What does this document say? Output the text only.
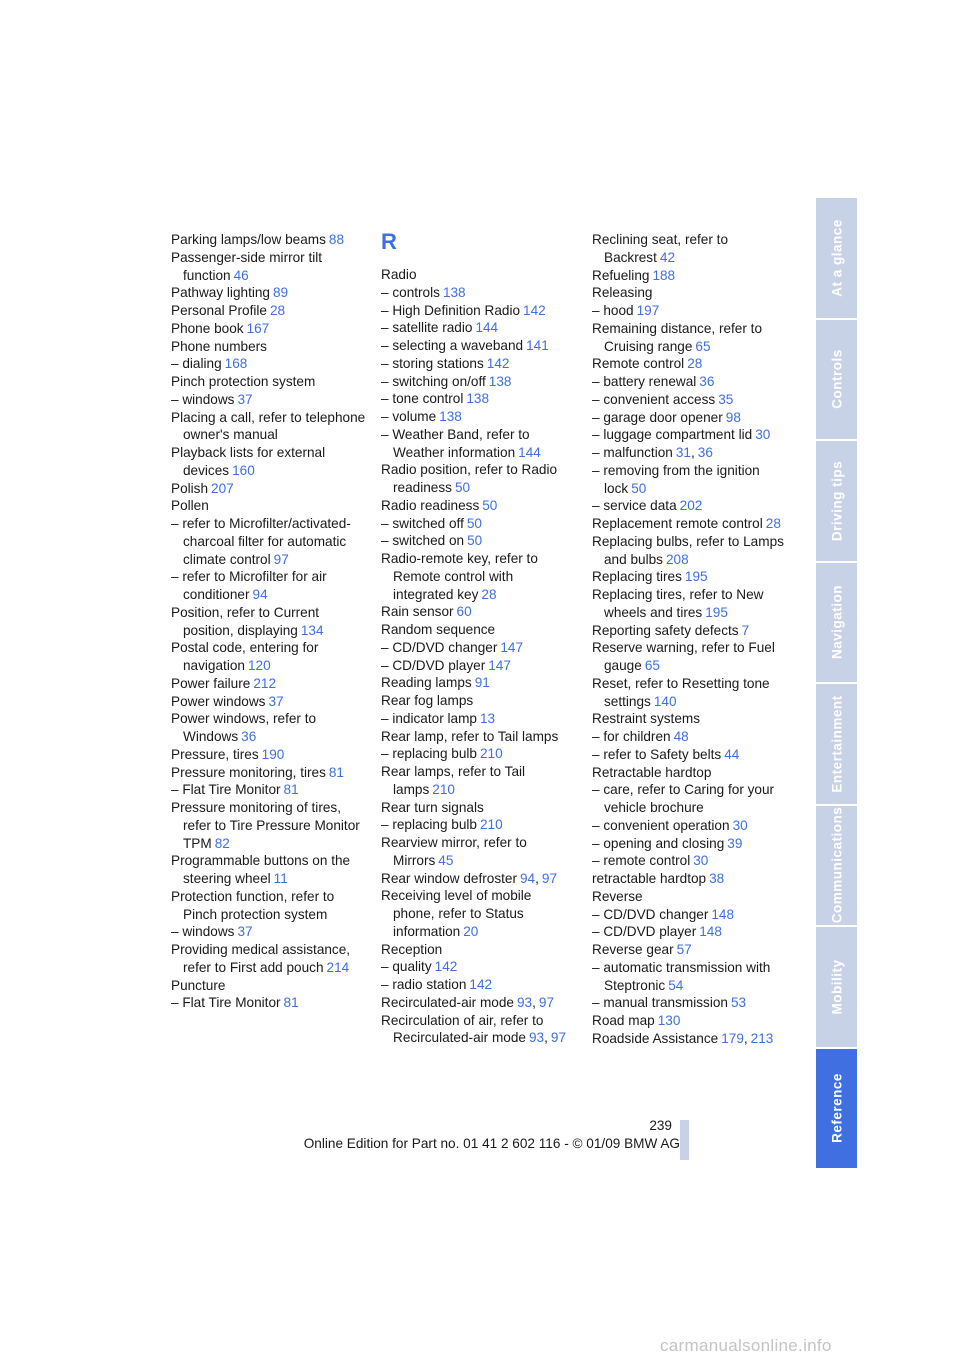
Parking lamps/low beams 88
Passenger-side mirror tilt function 46
Pathway lighting 89
Personal Profile 28
Phone book 167
Phone numbers
– dialing 168
Pinch protection system
– windows 37
Placing a call, refer to telephone owner's manual
Playback lists for external devices 160
Polish 207
Pollen
– refer to Microfilter/activated-charcoal filter for automatic climate control 97
– refer to Microfilter for air conditioner 94
Position, refer to Current position, displaying 134
Postal code, entering for navigation 120
Power failure 212
Power windows 37
Power windows, refer to Windows 36
Pressure, tires 190
Pressure monitoring, tires 81
– Flat Tire Monitor 81
Pressure monitoring of tires, refer to Tire Pressure Monitor TPM 82
Programmable buttons on the steering wheel 11
Protection function, refer to Pinch protection system
– windows 37
Providing medical assistance, refer to First add pouch 214
Puncture
– Flat Tire Monitor 81
R
Radio
– controls 138
– High Definition Radio 142
– satellite radio 144
– selecting a waveband 141
– storing stations 142
– switching on/off 138
– tone control 138
– volume 138
– Weather Band, refer to Weather information 144
Radio position, refer to Radio readiness 50
Radio readiness 50
– switched off 50
– switched on 50
Radio-remote key, refer to Remote control with integrated key 28
Rain sensor 60
Random sequence
– CD/DVD changer 147
– CD/DVD player 147
Reading lamps 91
Rear fog lamps
– indicator lamp 13
Rear lamp, refer to Tail lamps
– replacing bulb 210
Rear lamps, refer to Tail lamps 210
Rear turn signals
– replacing bulb 210
Rearview mirror, refer to Mirrors 45
Rear window defroster 94, 97
Receiving level of mobile phone, refer to Status information 20
Reception
– quality 142
– radio station 142
Recirculated-air mode 93, 97
Recirculation of air, refer to Recirculated-air mode 93, 97
Reclining seat, refer to Backrest 42
Refueling 188
Releasing
– hood 197
Remaining distance, refer to Cruising range 65
Remote control 28
– battery renewal 36
– convenient access 35
– garage door opener 98
– luggage compartment lid 30
– malfunction 31, 36
– removing from the ignition lock 50
– service data 202
Replacement remote control 28
Replacing bulbs, refer to Lamps and bulbs 208
Replacing tires 195
Replacing tires, refer to New wheels and tires 195
Reporting safety defects 7
Reserve warning, refer to Fuel gauge 65
Reset, refer to Resetting tone settings 140
Restraint systems
– for children 48
– refer to Safety belts 44
Retractable hardtop
– care, refer to Caring for your vehicle brochure
– convenient operation 30
– opening and closing 39
– remote control 30
retractable hardtop 38
Reverse
– CD/DVD changer 148
– CD/DVD player 148
Reverse gear 57
– automatic transmission with Steptronic 54
– manual transmission 53
Road map 130
Roadside Assistance 179, 213
At a glance
Controls
Driving tips
Navigation
Entertainment
Communications
Mobility
Reference
239
Online Edition for Part no. 01 41 2 602 116 - © 01/09 BMW AG
carmanualsonline.info
